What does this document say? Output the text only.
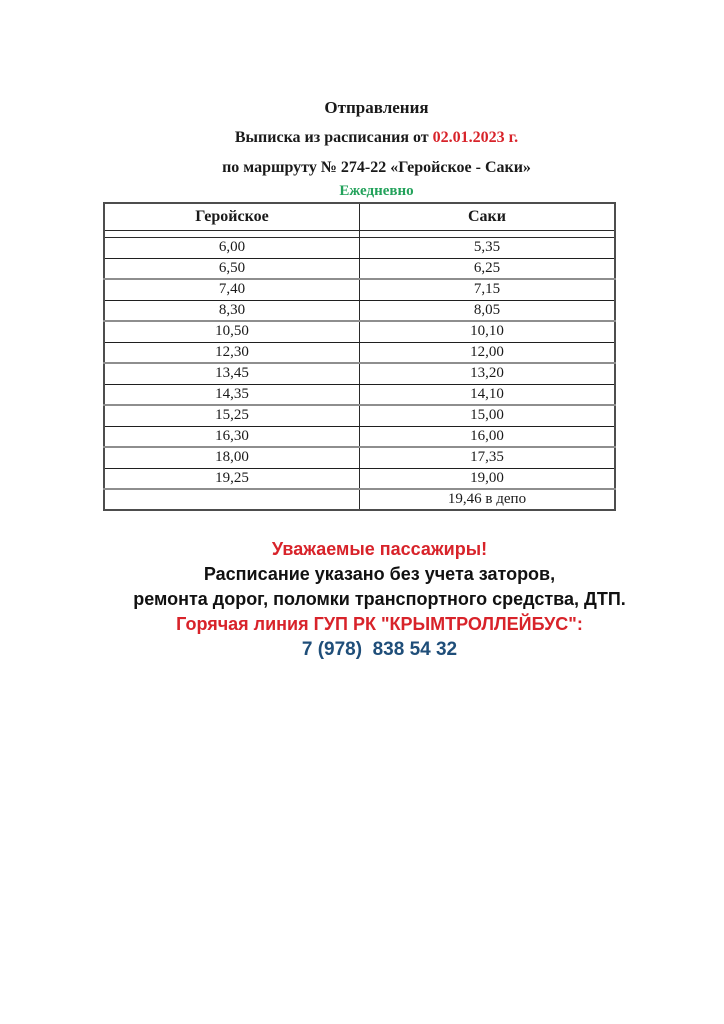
Отправления
Выписка из расписания от 02.01.2023 г.
по маршруту № 274-22 «Геройское - Саки»
Ежедневно
Геройское	Саки

6,00	5,35
6,50	6,25
7,40	7,15
8,30	8,05
10,50	10,10
12,30	12,00
13,45	13,20
14,35	14,10
15,25	15,00
16,30	16,00
18,00	17,35
19,25	19,00
	19,46 в депо
Уважаемые пассажиры!
Расписание указано без учета заторов,
ремонта дорог, поломки транспортного средства, ДТП.
Горячая линия ГУП РК "КРЫМТРОЛЛЕЙБУС":
7 (978)  838 54 32
